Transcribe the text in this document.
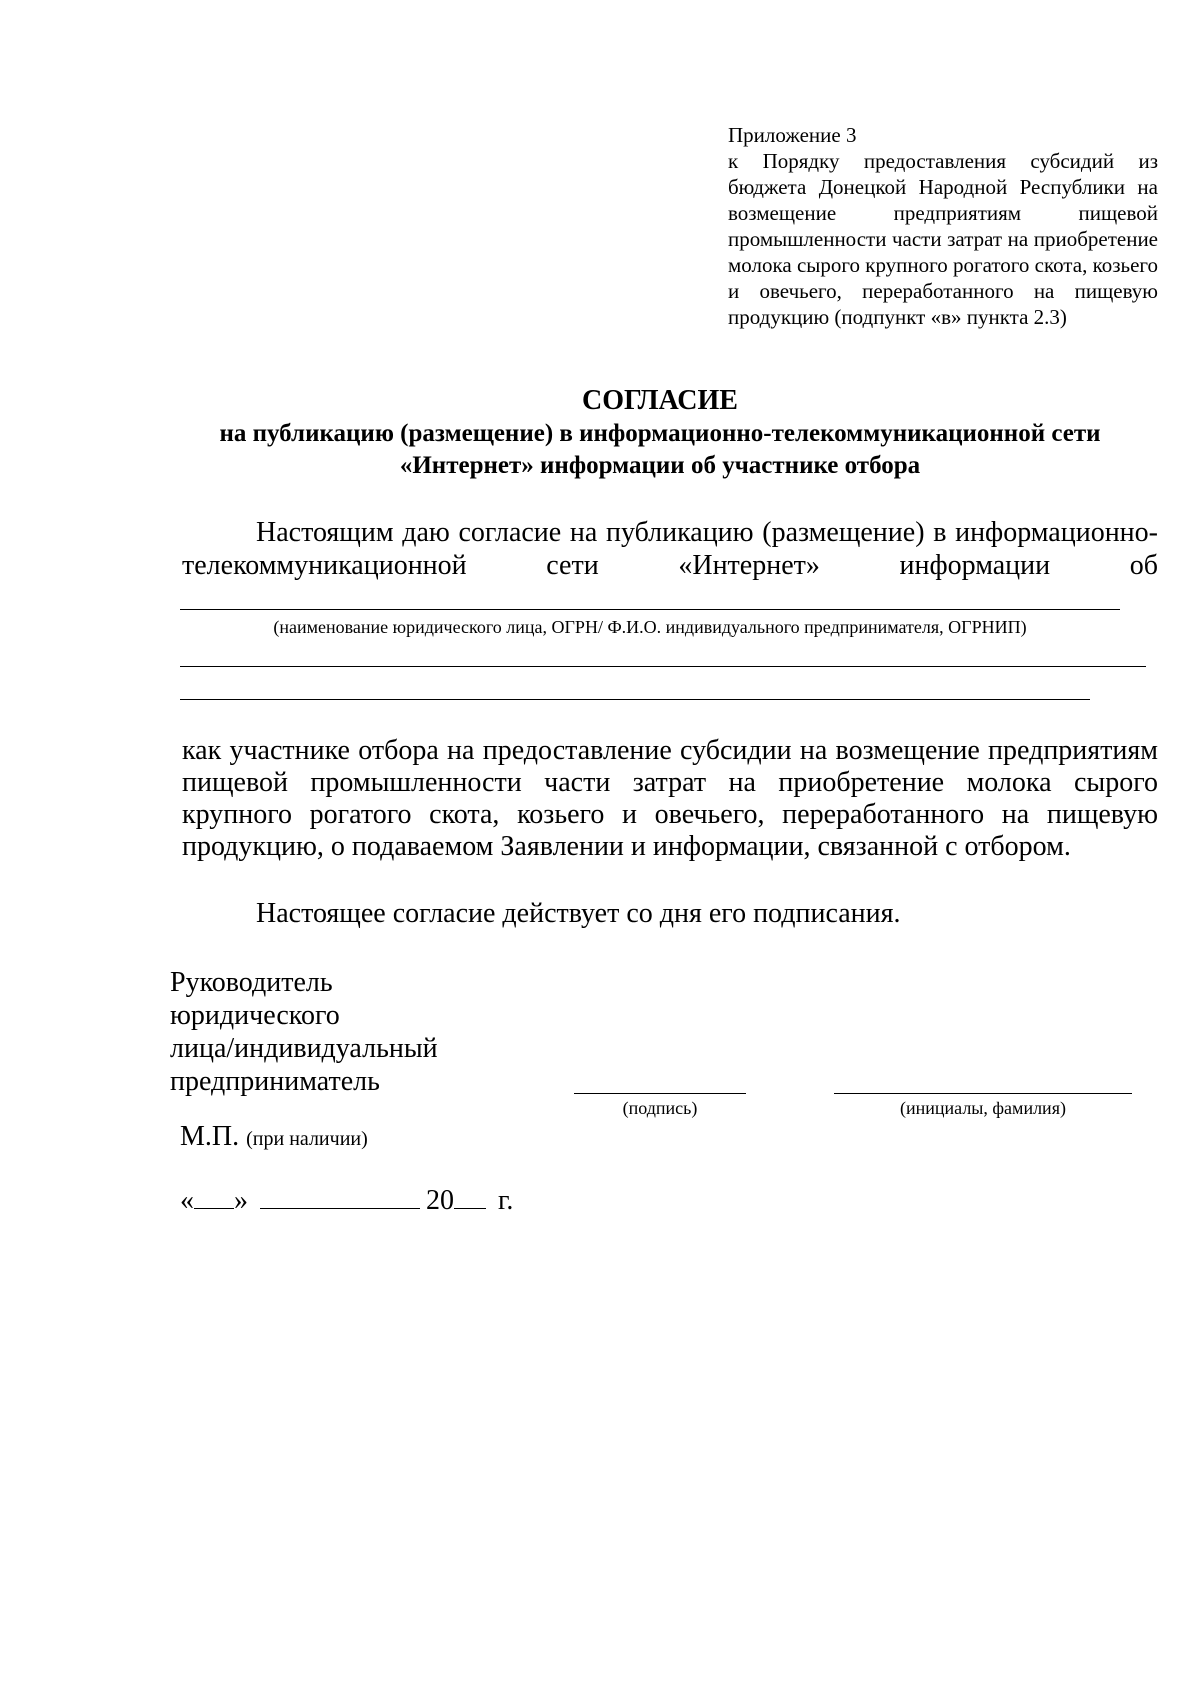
Приложение 3
к Порядку предоставления субсидий из бюджета Донецкой Народной Республики на возмещение предприятиям пищевой промышленности части затрат на приобретение молока сырого крупного рогатого скота, козьего и овечьего, переработанного на пищевую продукцию (подпункт «в» пункта 2.3)
СОГЛАСИЕ
на публикацию (размещение) в информационно-телекоммуникационной сети «Интернет» информации об участнике отбора
Настоящим даю согласие на публикацию (размещение) в информационно-телекоммуникационной сети «Интернет» информации об
(наименование юридического лица, ОГРН/ Ф.И.О. индивидуального предпринимателя, ОГРНИП)
как участнике отбора на предоставление субсидии на возмещение предприятиям пищевой промышленности части затрат на приобретение молока сырого крупного рогатого скота, козьего и овечьего, переработанного на пищевую продукцию, о подаваемом Заявлении и информации, связанной с отбором.
Настоящее согласие действует со дня его подписания.
Руководитель
юридического
лица/индивидуальный
предприниматель
(подпись)	(инициалы, фамилия)
М.П. (при наличии)
« »	20 г.
